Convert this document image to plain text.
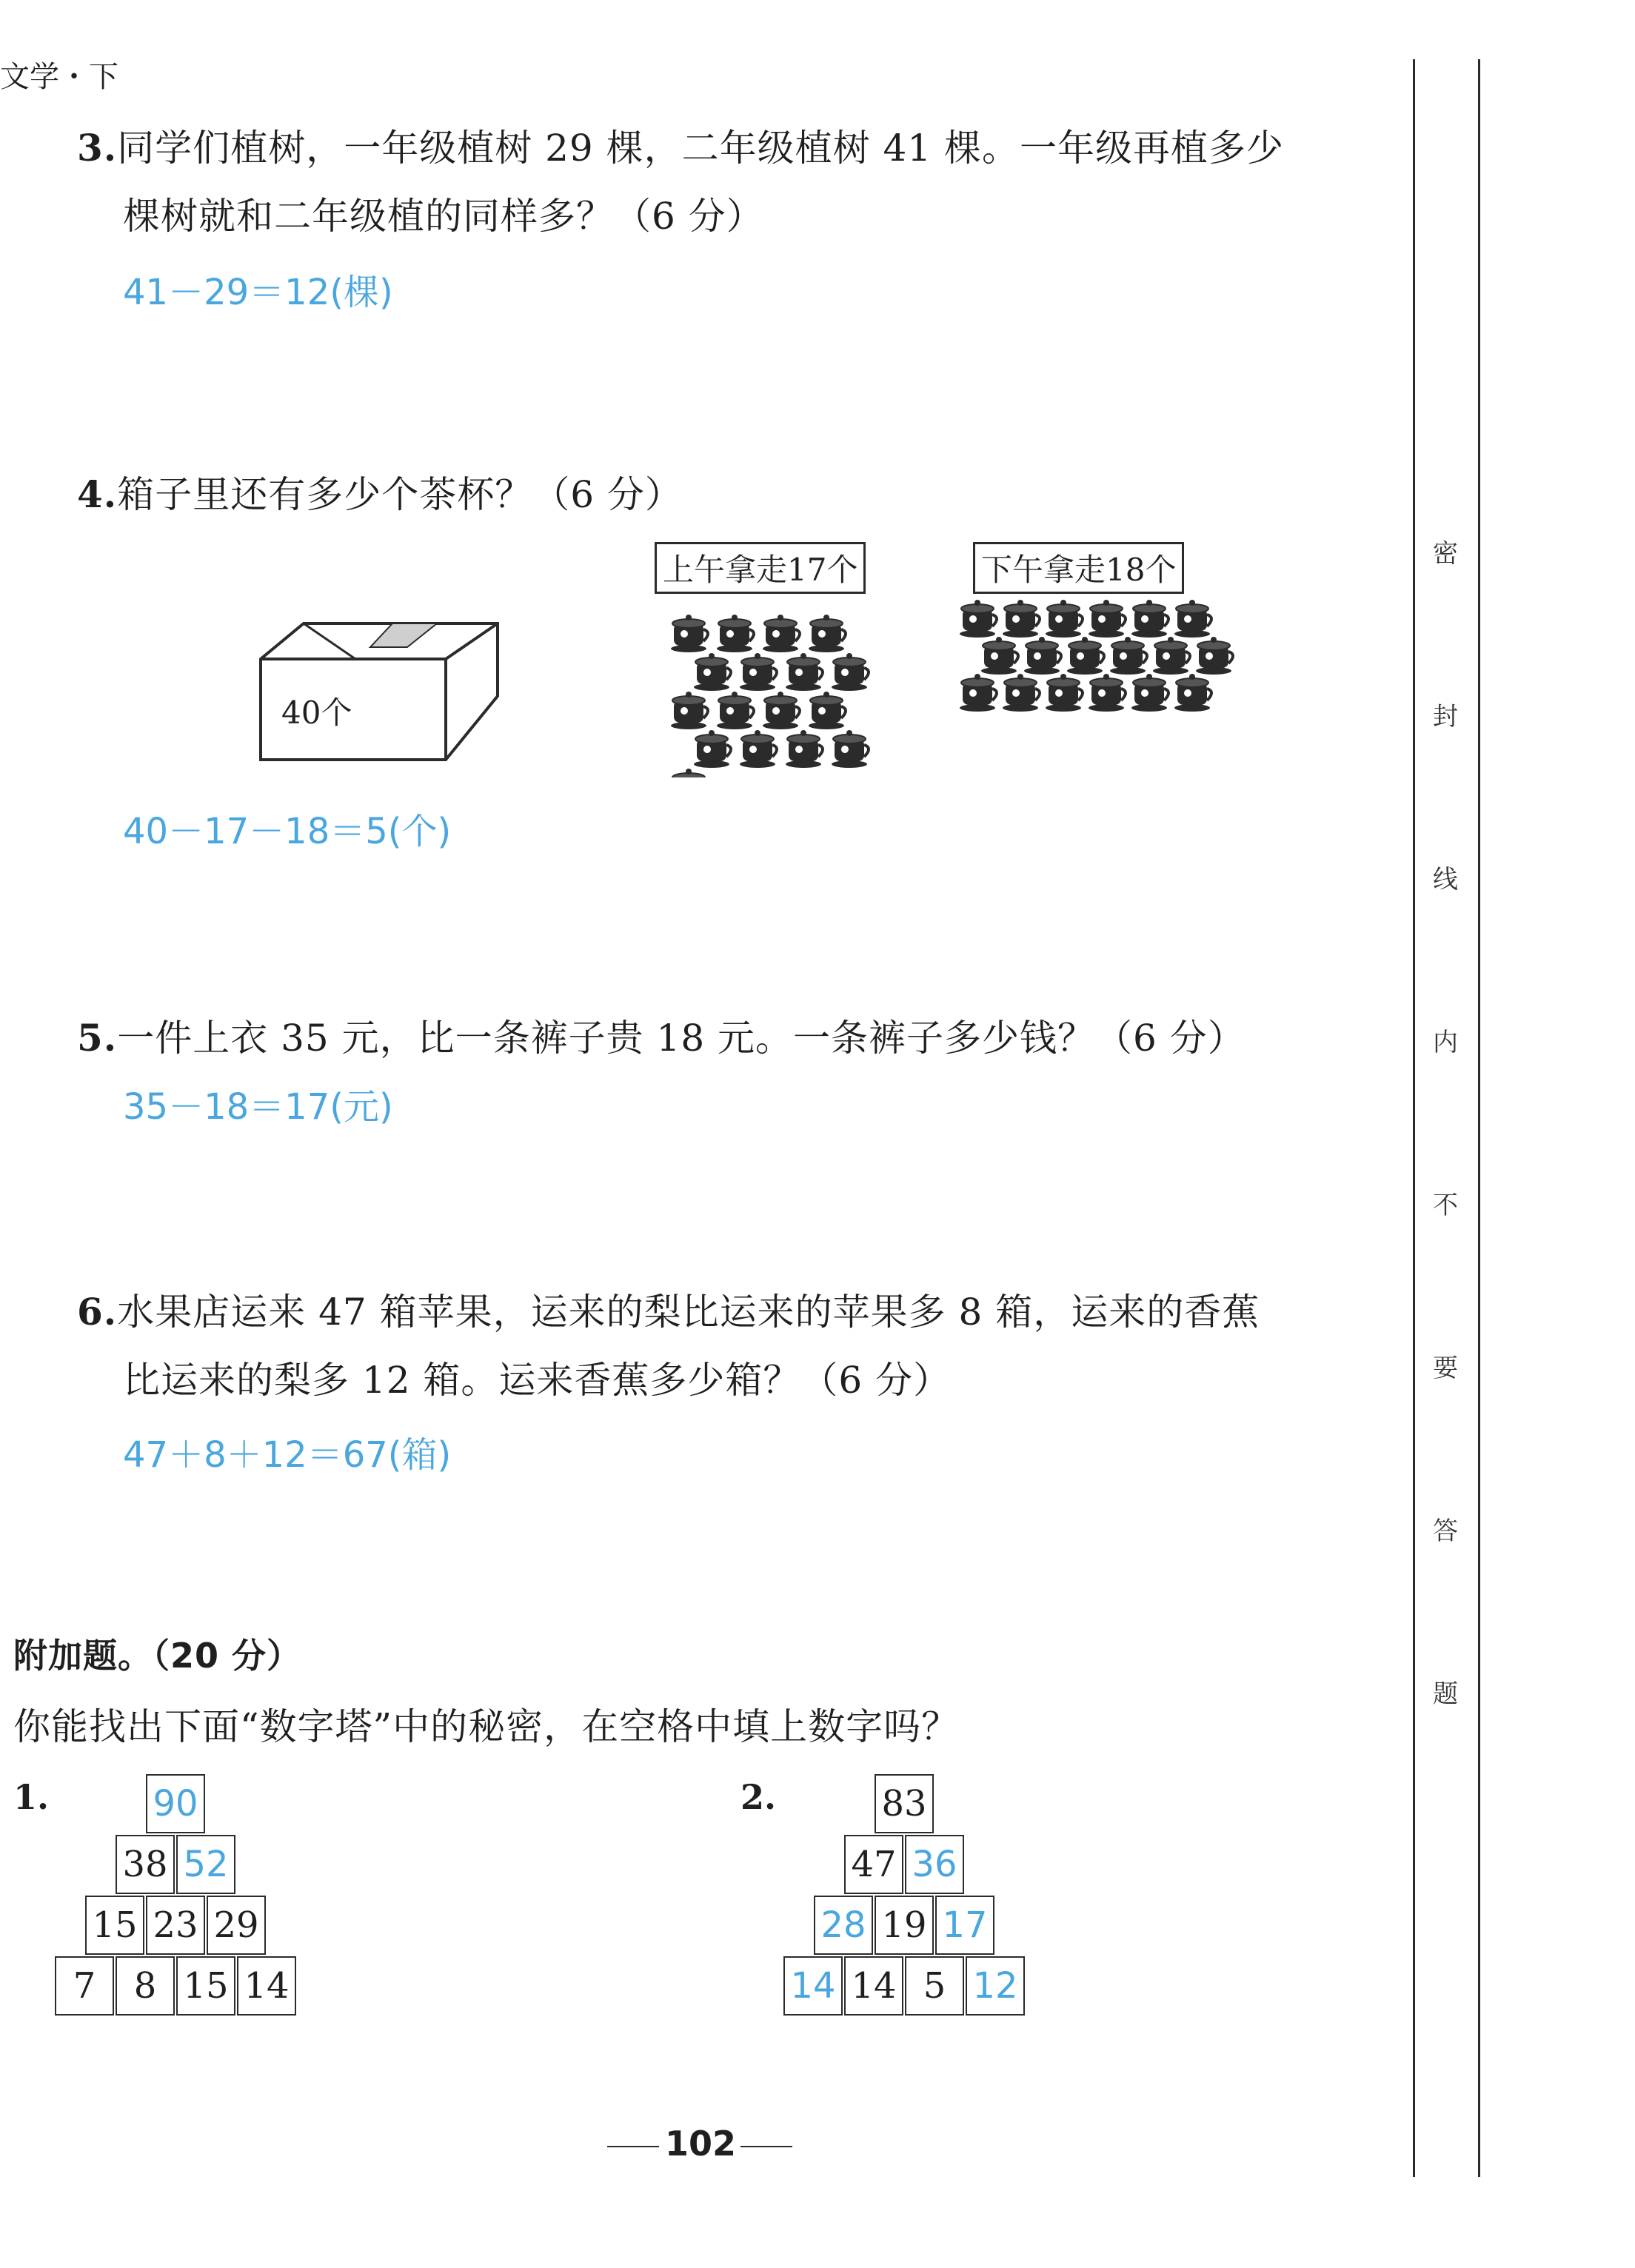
文学・下
密
封
线
内
不
要
答
题
3.同学们植树，一年级植树 29 棵，二年级植树 41 棵。一年级再植多少
棵树就和二年级植的同样多？（6 分）
41－29＝12(棵)
4.箱子里还有多少个茶杯？（6 分）
40个
上午拿走17个	下午拿走18个
40－17－18＝5(个)
5.一件上衣 35 元，比一条裤子贵 18 元。一条裤子多少钱？（6 分）
35－18＝17(元)
6.水果店运来 47 箱苹果，运来的梨比运来的苹果多 8 箱，运来的香蕉
比运来的梨多 12 箱。运来香蕉多少箱？（6 分）
47＋8＋12＝67(箱)
附加题。（20 分）
你能找出下面“数字塔”中的秘密，在空格中填上数字吗？
1.	2.
90
38 52
15 23 29
7	8 15 14
83
47 36
28 19 17
14 14 5 12
102
